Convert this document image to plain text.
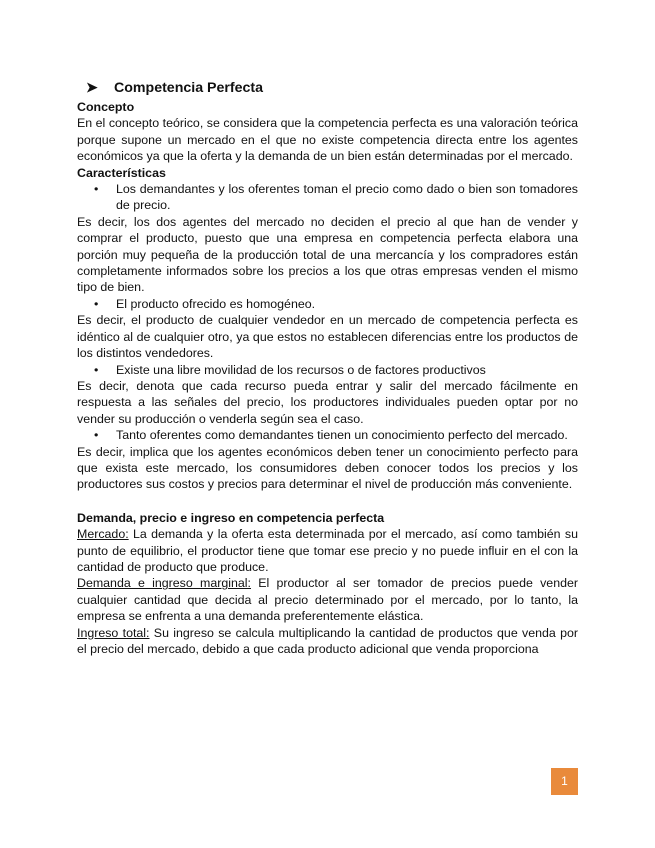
➤	Competencia Perfecta
Concepto

En el concepto teórico, se considera que la competencia perfecta es una valoración teórica porque supone un mercado en el que no existe competencia directa entre los agentes económicos ya que la oferta y la demanda de un bien están determinadas por el mercado.

Características
• Los demandantes y los oferentes toman el precio como dado o bien son tomadores de precio.

Es decir, los dos agentes del mercado no deciden el precio al que han de vender y comprar el producto, puesto que una empresa en competencia perfecta elabora una porción muy pequeña de la producción total de una mercancía y los compradores están completamente informados sobre los precios a los que otras empresas venden el mismo tipo de bien.

• El producto ofrecido es homogéneo.

Es decir, el producto de cualquier vendedor en un mercado de competencia perfecta es idéntico al de cualquier otro, ya que estos no establecen diferencias entre los productos de los distintos vendedores.

• Existe una libre movilidad de los recursos o de factores productivos

Es decir, denota que cada recurso pueda entrar y salir del mercado fácilmente en respuesta a las señales del precio, los productores individuales pueden optar por no vender su producción o venderla según sea el caso.

• Tanto oferentes como demandantes tienen un conocimiento perfecto del mercado.

Es decir, implica que los agentes económicos deben tener un conocimiento perfecto para que exista este mercado, los consumidores deben conocer todos los precios y los productores sus costos y precios para determinar el nivel de producción más conveniente.

Demanda, precio e ingreso en competencia perfecta

Mercado: La demanda y la oferta esta determinada por el mercado, así como también su punto de equilibrio, el productor tiene que tomar ese precio y no puede influir en el con la cantidad de producto que produce.

Demanda e ingreso marginal: El productor al ser tomador de precios puede vender cualquier cantidad que decida al precio determinado por el mercado, por lo tanto, la empresa se enfrenta a una demanda preferentemente elástica.

Ingreso total: Su ingreso se calcula multiplicando la cantidad de productos que venda por el precio del mercado, debido a que cada producto adicional que venda proporciona

1
